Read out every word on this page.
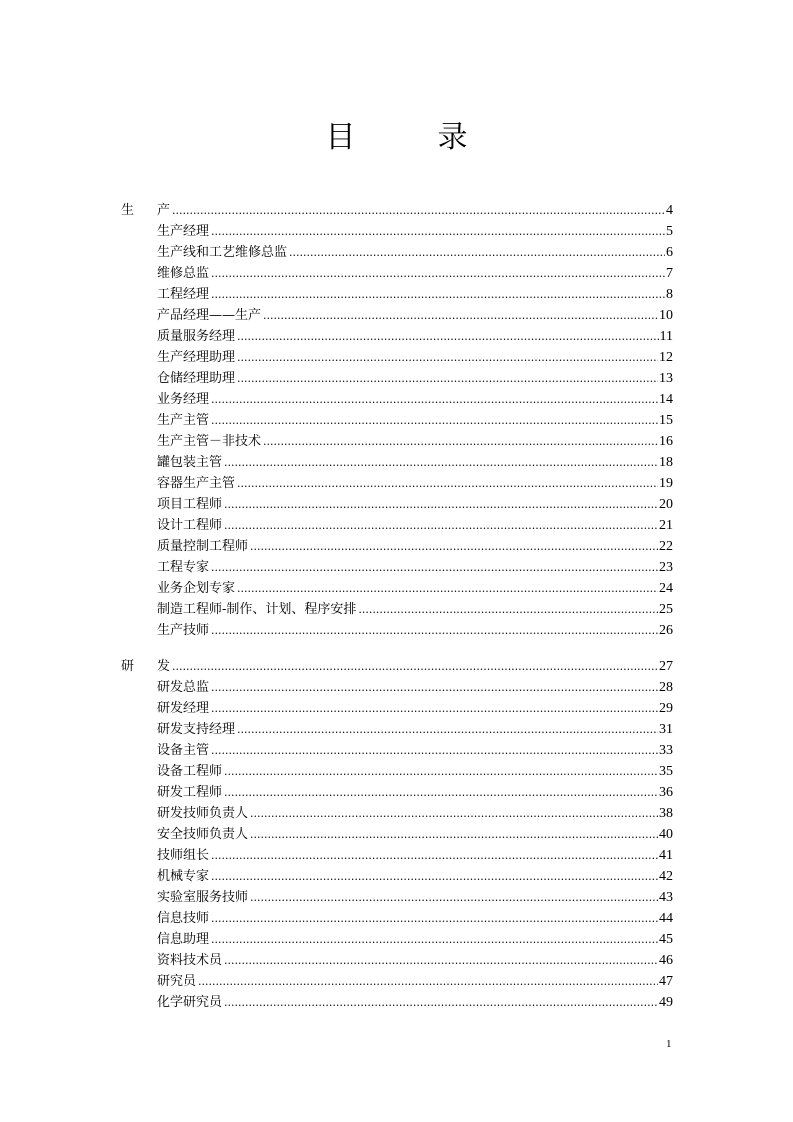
目　录
生	产 .....	4
生产经理 .....	5
生产线和工艺维修总监 .....	6
维修总监 .....	7
工程经理 .....	8
产品经理——生产 .....	10
质量服务经理 .....	11
生产经理助理 .....	12
仓储经理助理 .....	13
业务经理 .....	14
生产主管 .....	15
生产主管－非技术 .....	16
罐包装主管 .....	18
容器生产主管 .....	19
项目工程师 .....	20
设计工程师 .....	21
质量控制工程师 .....	22
工程专家 .....	23
业务企划专家 .....	24
制造工程师-制作、计划、程序安排 .....	25
生产技师 .....	26
研	发 .....	27
研发总监 .....	28
研发经理 .....	29
研发支持经理 .....	31
设备主管 .....	33
设备工程师 .....	35
研发工程师 .....	36
研发技师负责人 .....	38
安全技师负责人 .....	40
技师组长 .....	41
机械专家 .....	42
实验室服务技师 .....	43
信息技师 .....	44
信息助理 .....	45
资料技术员 .....	46
研究员 .....	47
化学研究员 .....	49
1
